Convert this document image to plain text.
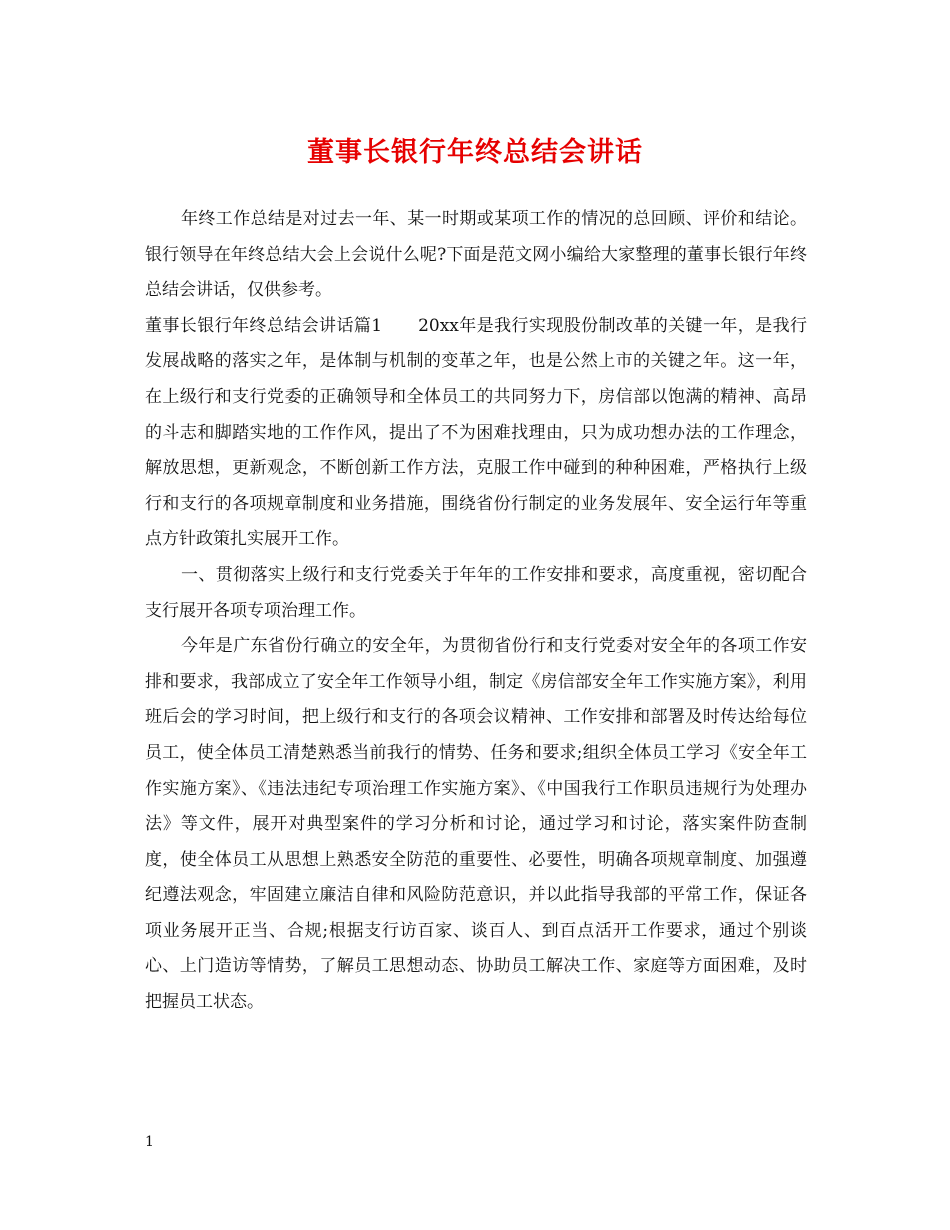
董事长银行年终总结会讲话

年终工作总结是对过去一年、某一时期或某项工作的情况的总回顾、评价和结论。银行领导在年终总结大会上会说什么呢?下面是范文网小编给大家整理的董事长银行年终总结会讲话，仅供参考。

董事长银行年终总结会讲话篇1 20xx年是我行实现股份制改革的关键一年，是我行发展战略的落实之年，是体制与机制的变革之年，也是公然上市的关键之年。这一年，在上级行和支行党委的正确领导和全体员工的共同努力下，房信部以饱满的精神、高昂的斗志和脚踏实地的工作作风，提出了不为困难找理由，只为成功想办法的工作理念，解放思想，更新观念，不断创新工作方法，克服工作中碰到的种种困难，严格执行上级行和支行的各项规章制度和业务措施，围绕省份行制定的业务发展年、安全运行年等重点方针政策扎实展开工作。

一、贯彻落实上级行和支行党委关于年年的工作安排和要求，高度重视，密切配合支行展开各项专项治理工作。

今年是广东省份行确立的安全年，为贯彻省份行和支行党委对安全年的各项工作安排和要求，我部成立了安全年工作领导小组，制定《房信部安全年工作实施方案》，利用班后会的学习时间，把上级行和支行的各项会议精神、工作安排和部署及时传达给每位员工，使全体员工清楚熟悉当前我行的情势、任务和要求;组织全体员工学习《安全年工作实施方案》、《违法违纪专项治理工作实施方案》、《中国我行工作职员违规行为处理办法》等文件，展开对典型案件的学习分析和讨论，通过学习和讨论，落实案件防查制度，使全体员工从思想上熟悉安全防范的重要性、必要性，明确各项规章制度、加强遵纪遵法观念，牢固建立廉洁自律和风险防范意识，并以此指导我部的平常工作，保证各项业务展开正当、合规;根据支行访百家、谈百人、到百点活开工作要求，通过个别谈心、上门造访等情势，了解员工思想动态、协助员工解决工作、家庭等方面困难，及时把握员工状态。

1
